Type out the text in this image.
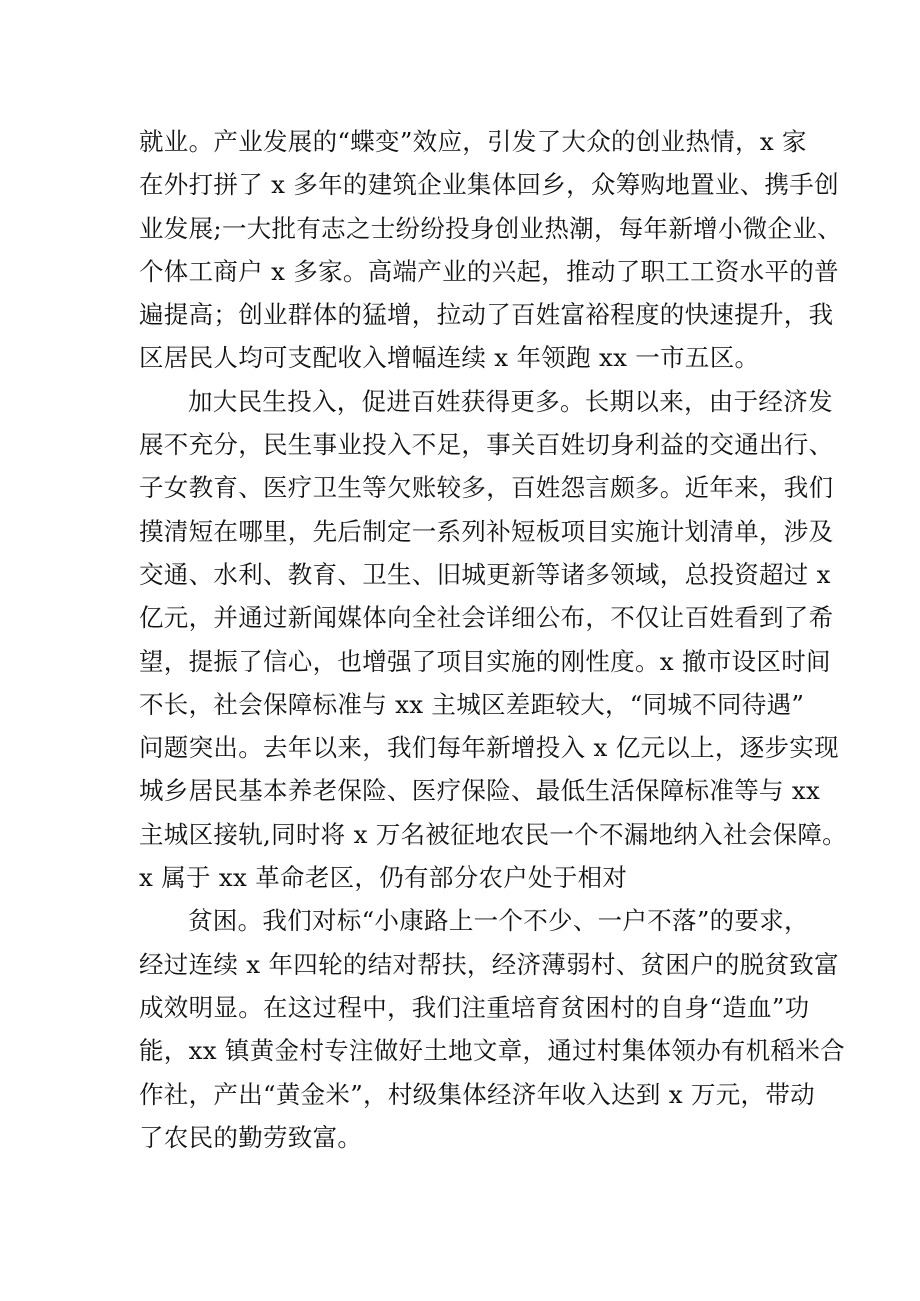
就业。产业发展的“蝶变”效应，引发了大众的创业热情，x 家
在外打拼了 x 多年的建筑企业集体回乡，众筹购地置业、携手创
业发展;一大批有志之士纷纷投身创业热潮，每年新增小微企业、
个体工商户 x 多家。高端产业的兴起，推动了职工工资水平的普
遍提高；创业群体的猛增，拉动了百姓富裕程度的快速提升，我
区居民人均可支配收入增幅连续 x 年领跑 xx 一市五区。
加大民生投入，促进百姓获得更多。长期以来，由于经济发
展不充分，民生事业投入不足，事关百姓切身利益的交通出行、
子女教育、医疗卫生等欠账较多，百姓怨言颇多。近年来，我们
摸清短在哪里，先后制定一系列补短板项目实施计划清单，涉及
交通、水利、教育、卫生、旧城更新等诸多领域，总投资超过 x
亿元，并通过新闻媒体向全社会详细公布，不仅让百姓看到了希
望，提振了信心，也增强了项目实施的刚性度。x 撤市设区时间
不长，社会保障标准与 xx 主城区差距较大，“同城不同待遇”
问题突出。去年以来，我们每年新增投入 x 亿元以上，逐步实现
城乡居民基本养老保险、医疗保险、最低生活保障标准等与 xx
主城区接轨,同时将 x 万名被征地农民一个不漏地纳入社会保障。
x 属于 xx 革命老区，仍有部分农户处于相对
贫困。我们对标“小康路上一个不少、一户不落”的要求，
经过连续 x 年四轮的结对帮扶，经济薄弱村、贫困户的脱贫致富
成效明显。在这过程中，我们注重培育贫困村的自身“造血”功
能，xx 镇黄金村专注做好土地文章，通过村集体领办有机稻米合
作社，产出“黄金米”，村级集体经济年收入达到 x 万元，带动
了农民的勤劳致富。
